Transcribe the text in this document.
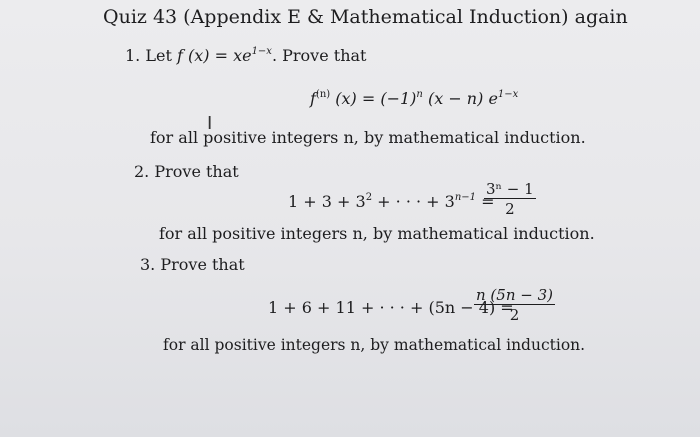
Quiz 43 (Appendix E & Mathematical Induction) again
1. Let f $(x) = xe^{1-x}$. Prove that
$f^{(n)}$ $(x) = (-1)^n$ (x − n) $e^{1-x}$
I
for all positive integers n, by mathematical induction.
2. Prove that
$1 + 3 + 3^2$ + · · · + $3^{n-1}$ =
$\frac{\text{3ⁿ − 1}}{2}$
for all positive integers n, by mathematical induction.
3. Prove that
1 + 6 + 11 + · · · + (5n − 4) =
$\frac{n (5n - 3)}{2}$
for all positive integers n, by mathematical induction.
